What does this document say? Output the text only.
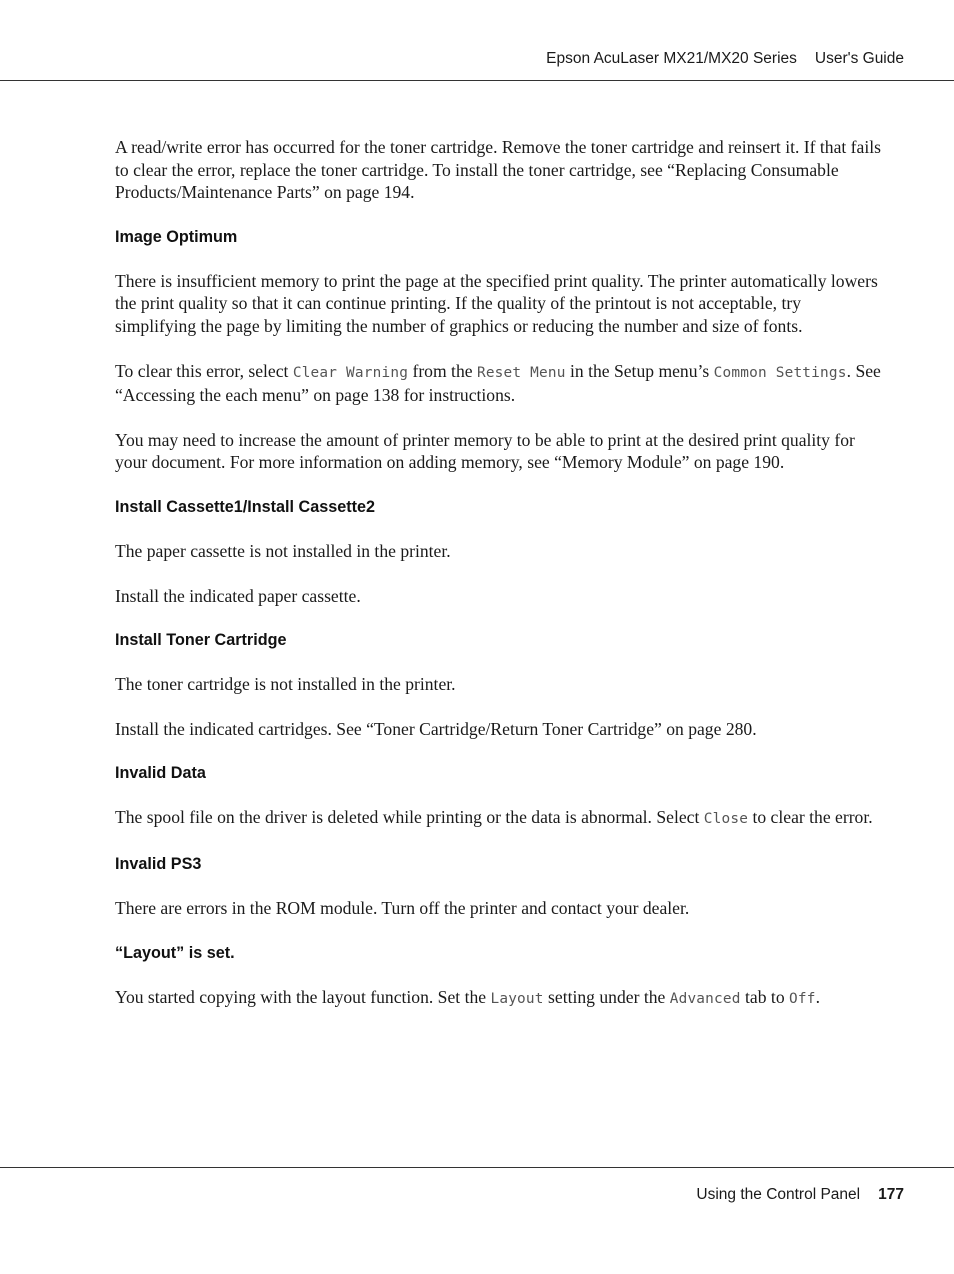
Epson AcuLaser MX21/MX20 Series User's Guide

A read/write error has occurred for the toner cartridge. Remove the toner cartridge and reinsert it. If that fails to clear the error, replace the toner cartridge. To install the toner cartridge, see “Replacing Consumable Products/Maintenance Parts” on page 194.

Image Optimum

There is insufficient memory to print the page at the specified print quality. The printer automatically lowers the print quality so that it can continue printing. If the quality of the printout is not acceptable, try simplifying the page by limiting the number of graphics or reducing the number and size of fonts.

To clear this error, select Clear Warning from the Reset Menu in the Setup menu’s Common Settings. See “Accessing the each menu” on page 138 for instructions.

You may need to increase the amount of printer memory to be able to print at the desired print quality for your document. For more information on adding memory, see “Memory Module” on page 190.

Install Cassette1/Install Cassette2

The paper cassette is not installed in the printer.

Install the indicated paper cassette.

Install Toner Cartridge

The toner cartridge is not installed in the printer.

Install the indicated cartridges. See “Toner Cartridge/Return Toner Cartridge” on page 280.

Invalid Data

The spool file on the driver is deleted while printing or the data is abnormal. Select Close to clear the error.

Invalid PS3

There are errors in the ROM module. Turn off the printer and contact your dealer.

“Layout” is set.

You started copying with the layout function. Set the Layout setting under the Advanced tab to Off.

Using the Control Panel 177
